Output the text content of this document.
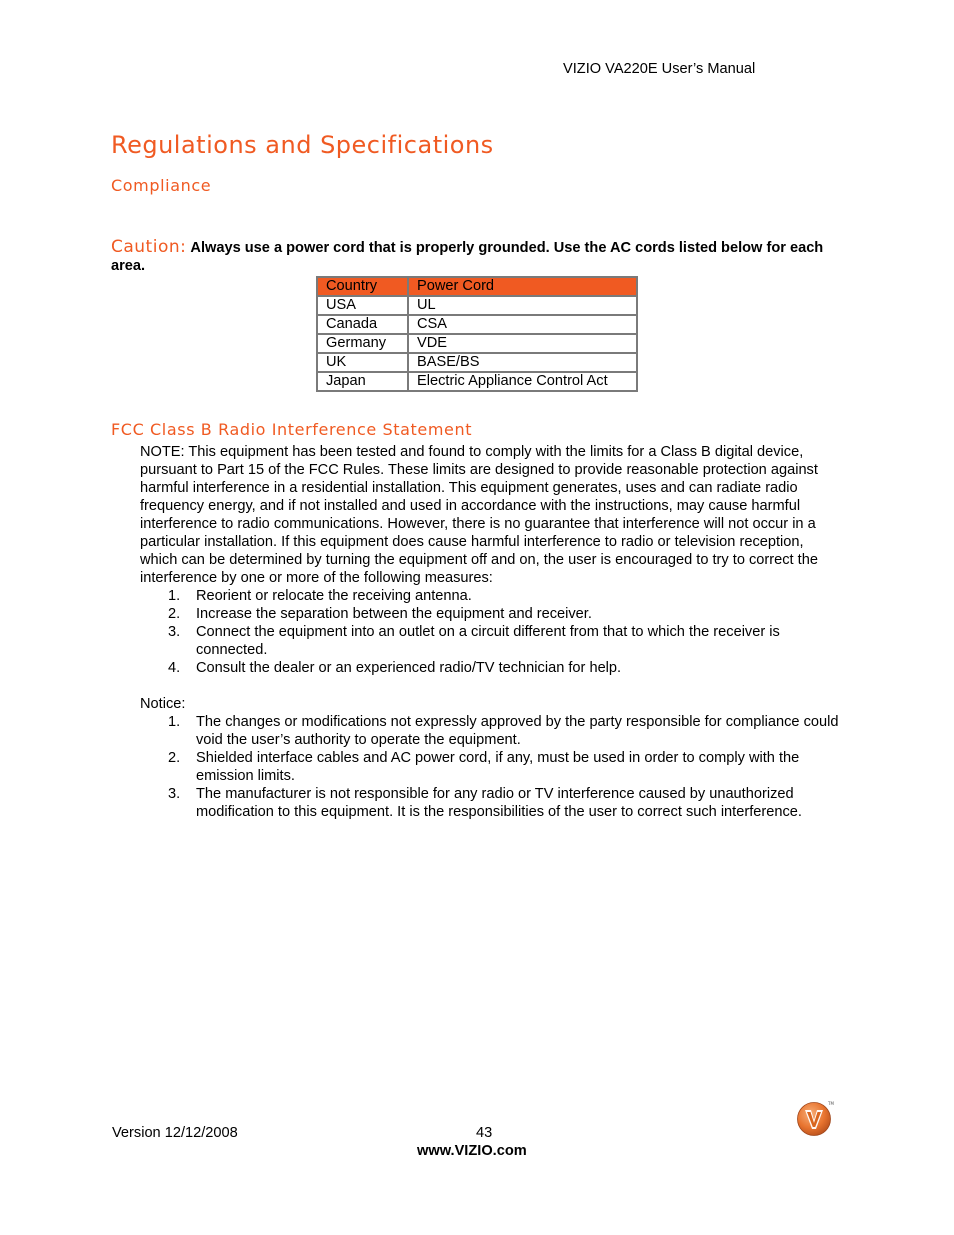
VIZIO VA220E User’s Manual
Regulations and Specifications
Compliance
Caution: Always use a power cord that is properly grounded. Use the AC cords listed below for each area.
Country	Power Cord
USA	UL
Canada	CSA
Germany	VDE
UK	BASE/BS
Japan	Electric Appliance Control Act
FCC Class B Radio Interference Statement

NOTE: This equipment has been tested and found to comply with the limits for a Class B digital device, pursuant to Part 15 of the FCC Rules. These limits are designed to provide reasonable protection against harmful interference in a residential installation. This equipment generates, uses and can radiate radio frequency energy, and if not installed and used in accordance with the instructions, may cause harmful interference to radio communications. However, there is no guarantee that interference will not occur in a particular installation. If this equipment does cause harmful interference to radio or television reception, which can be determined by turning the equipment off and on, the user is encouraged to try to correct the interference by one or more of the following measures:

1. Reorient or relocate the receiving antenna.
2. Increase the separation between the equipment and receiver.
3. Connect the equipment into an outlet on a circuit different from that to which the receiver is connected.
4. Consult the dealer or an experienced radio/TV technician for help.

Notice:

1. The changes or modifications not expressly approved by the party responsible for compliance could void the user’s authority to operate the equipment.
2. Shielded interface cables and AC power cord, if any, must be used in order to comply with the emission limits.
3. The manufacturer is not responsible for any radio or TV interference caused by unauthorized modification to this equipment. It is the responsibilities of the user to correct such interference.
Version 12/12/2008	43
www.VIZIO.com
TM
